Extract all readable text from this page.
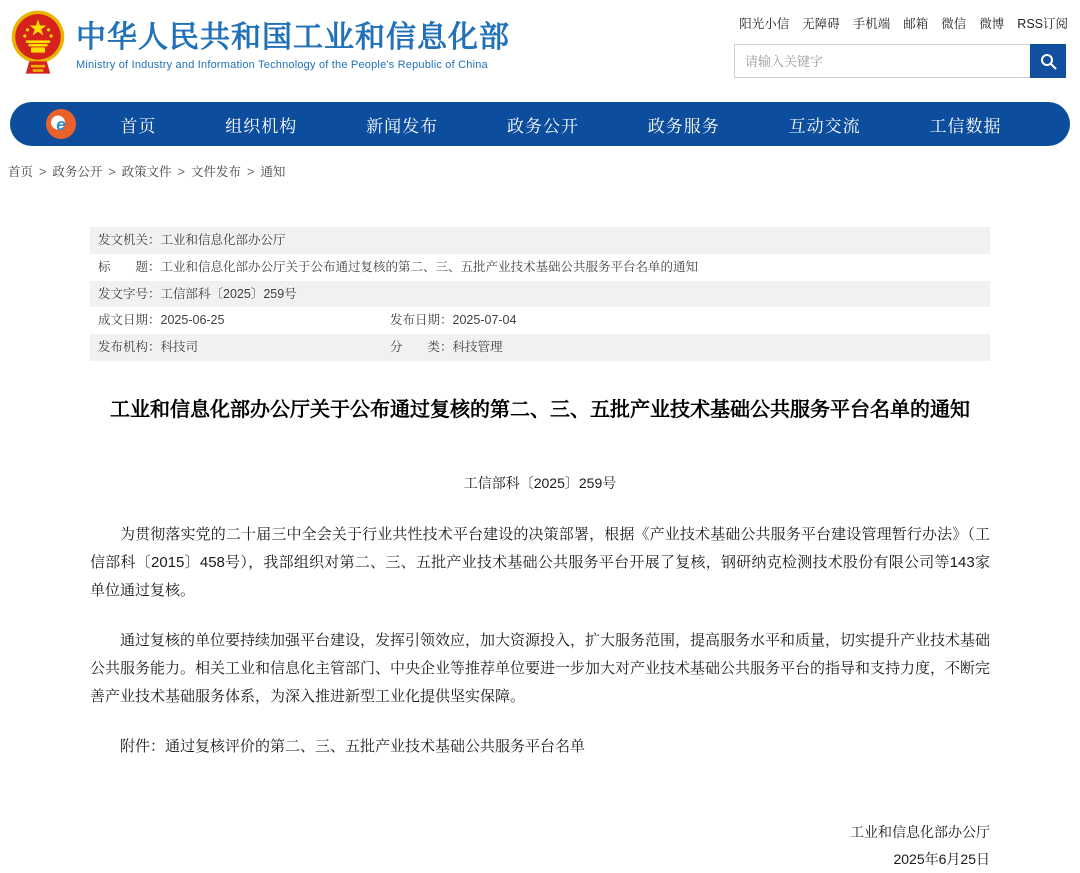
中华人民共和国工业和信息化部
Ministry of Industry and Information Technology of the People's Republic of China
阳光小信 无障碍 手机端 邮箱 微信 微博 RSS订阅
请输入关键字
e	首页	组织机构	新闻发布	政务公开	政务服务	互动交流	工信数据
首页 > 政务公开 > 政策文件 > 文件发布 > 通知
发文机关： 工业和信息化部办公厅
标　　题： 工业和信息化部办公厅关于公布通过复核的第二、三、五批产业技术基础公共服务平台名单的通知
发文字号： 工信部科〔2025〕259号
成文日期： 2025-06-25	发布日期： 2025-07-04
发布机构： 科技司	分　　类： 科技管理
工业和信息化部办公厅关于公布通过复核的第二、三、五批产业技术基础公共服务平台名单的通知
工信部科〔2025〕259号

为贯彻落实党的二十届三中全会关于行业共性技术平台建设的决策部署，根据《产业技术基础公共服务平台建设管理暂行办法》（工信部科〔2015〕458号），我部组织对第二、三、五批产业技术基础公共服务平台开展了复核，钢研纳克检测技术股份有限公司等143家单位通过复核。

通过复核的单位要持续加强平台建设，发挥引领效应，加大资源投入，扩大服务范围，提高服务水平和质量，切实提升产业技术基础公共服务能力。相关工业和信息化主管部门、中央企业等推荐单位要进一步加大对产业技术基础公共服务平台的指导和支持力度，不断完善产业技术基础服务体系，为深入推进新型工业化提供坚实保障。

附件：通过复核评价的第二、三、五批产业技术基础公共服务平台名单

工业和信息化部办公厅
2025年6月25日
